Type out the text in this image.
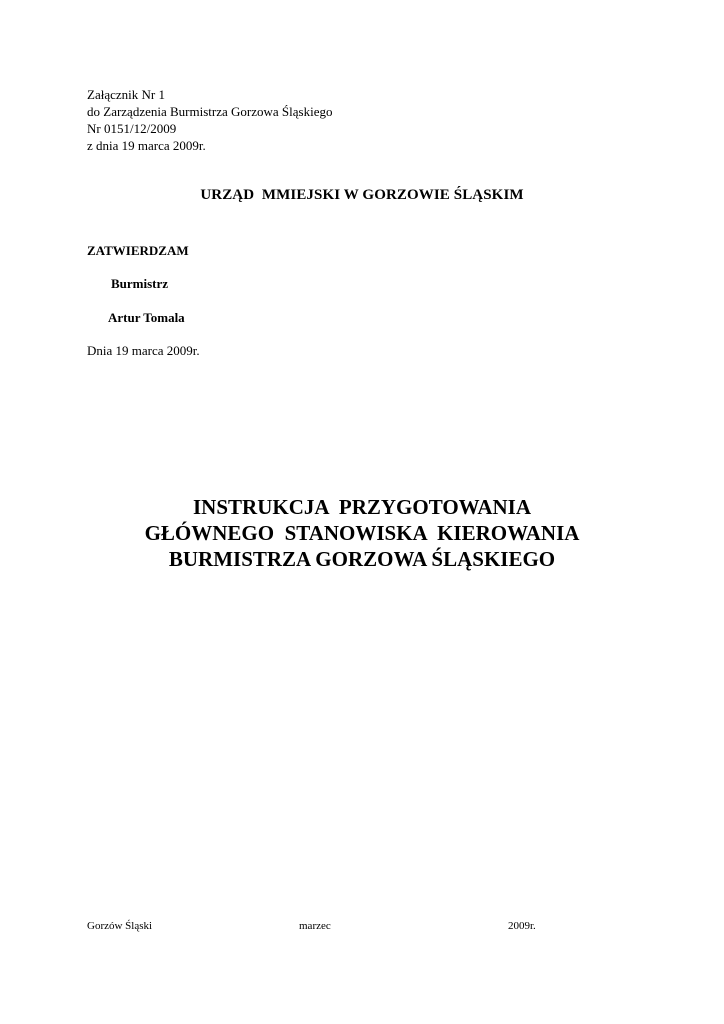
Załącznik Nr 1
do Zarządzenia Burmistrza Gorzowa Śląskiego
Nr 0151/12/2009
z dnia 19 marca 2009r.
URZĄD  MMIEJSKI W GORZOWIE ŚLĄSKIM
ZATWIERDZAM
Burmistrz
Artur Tomala
Dnia 19 marca 2009r.
INSTRUKCJA  PRZYGOTOWANIA
GŁÓWNEGO  STANOWISKA  KIEROWANIA
BURMISTRZA GORZOWA ŚLĄSKIEGO
Gorzów Śląski	marzec	2009r.
